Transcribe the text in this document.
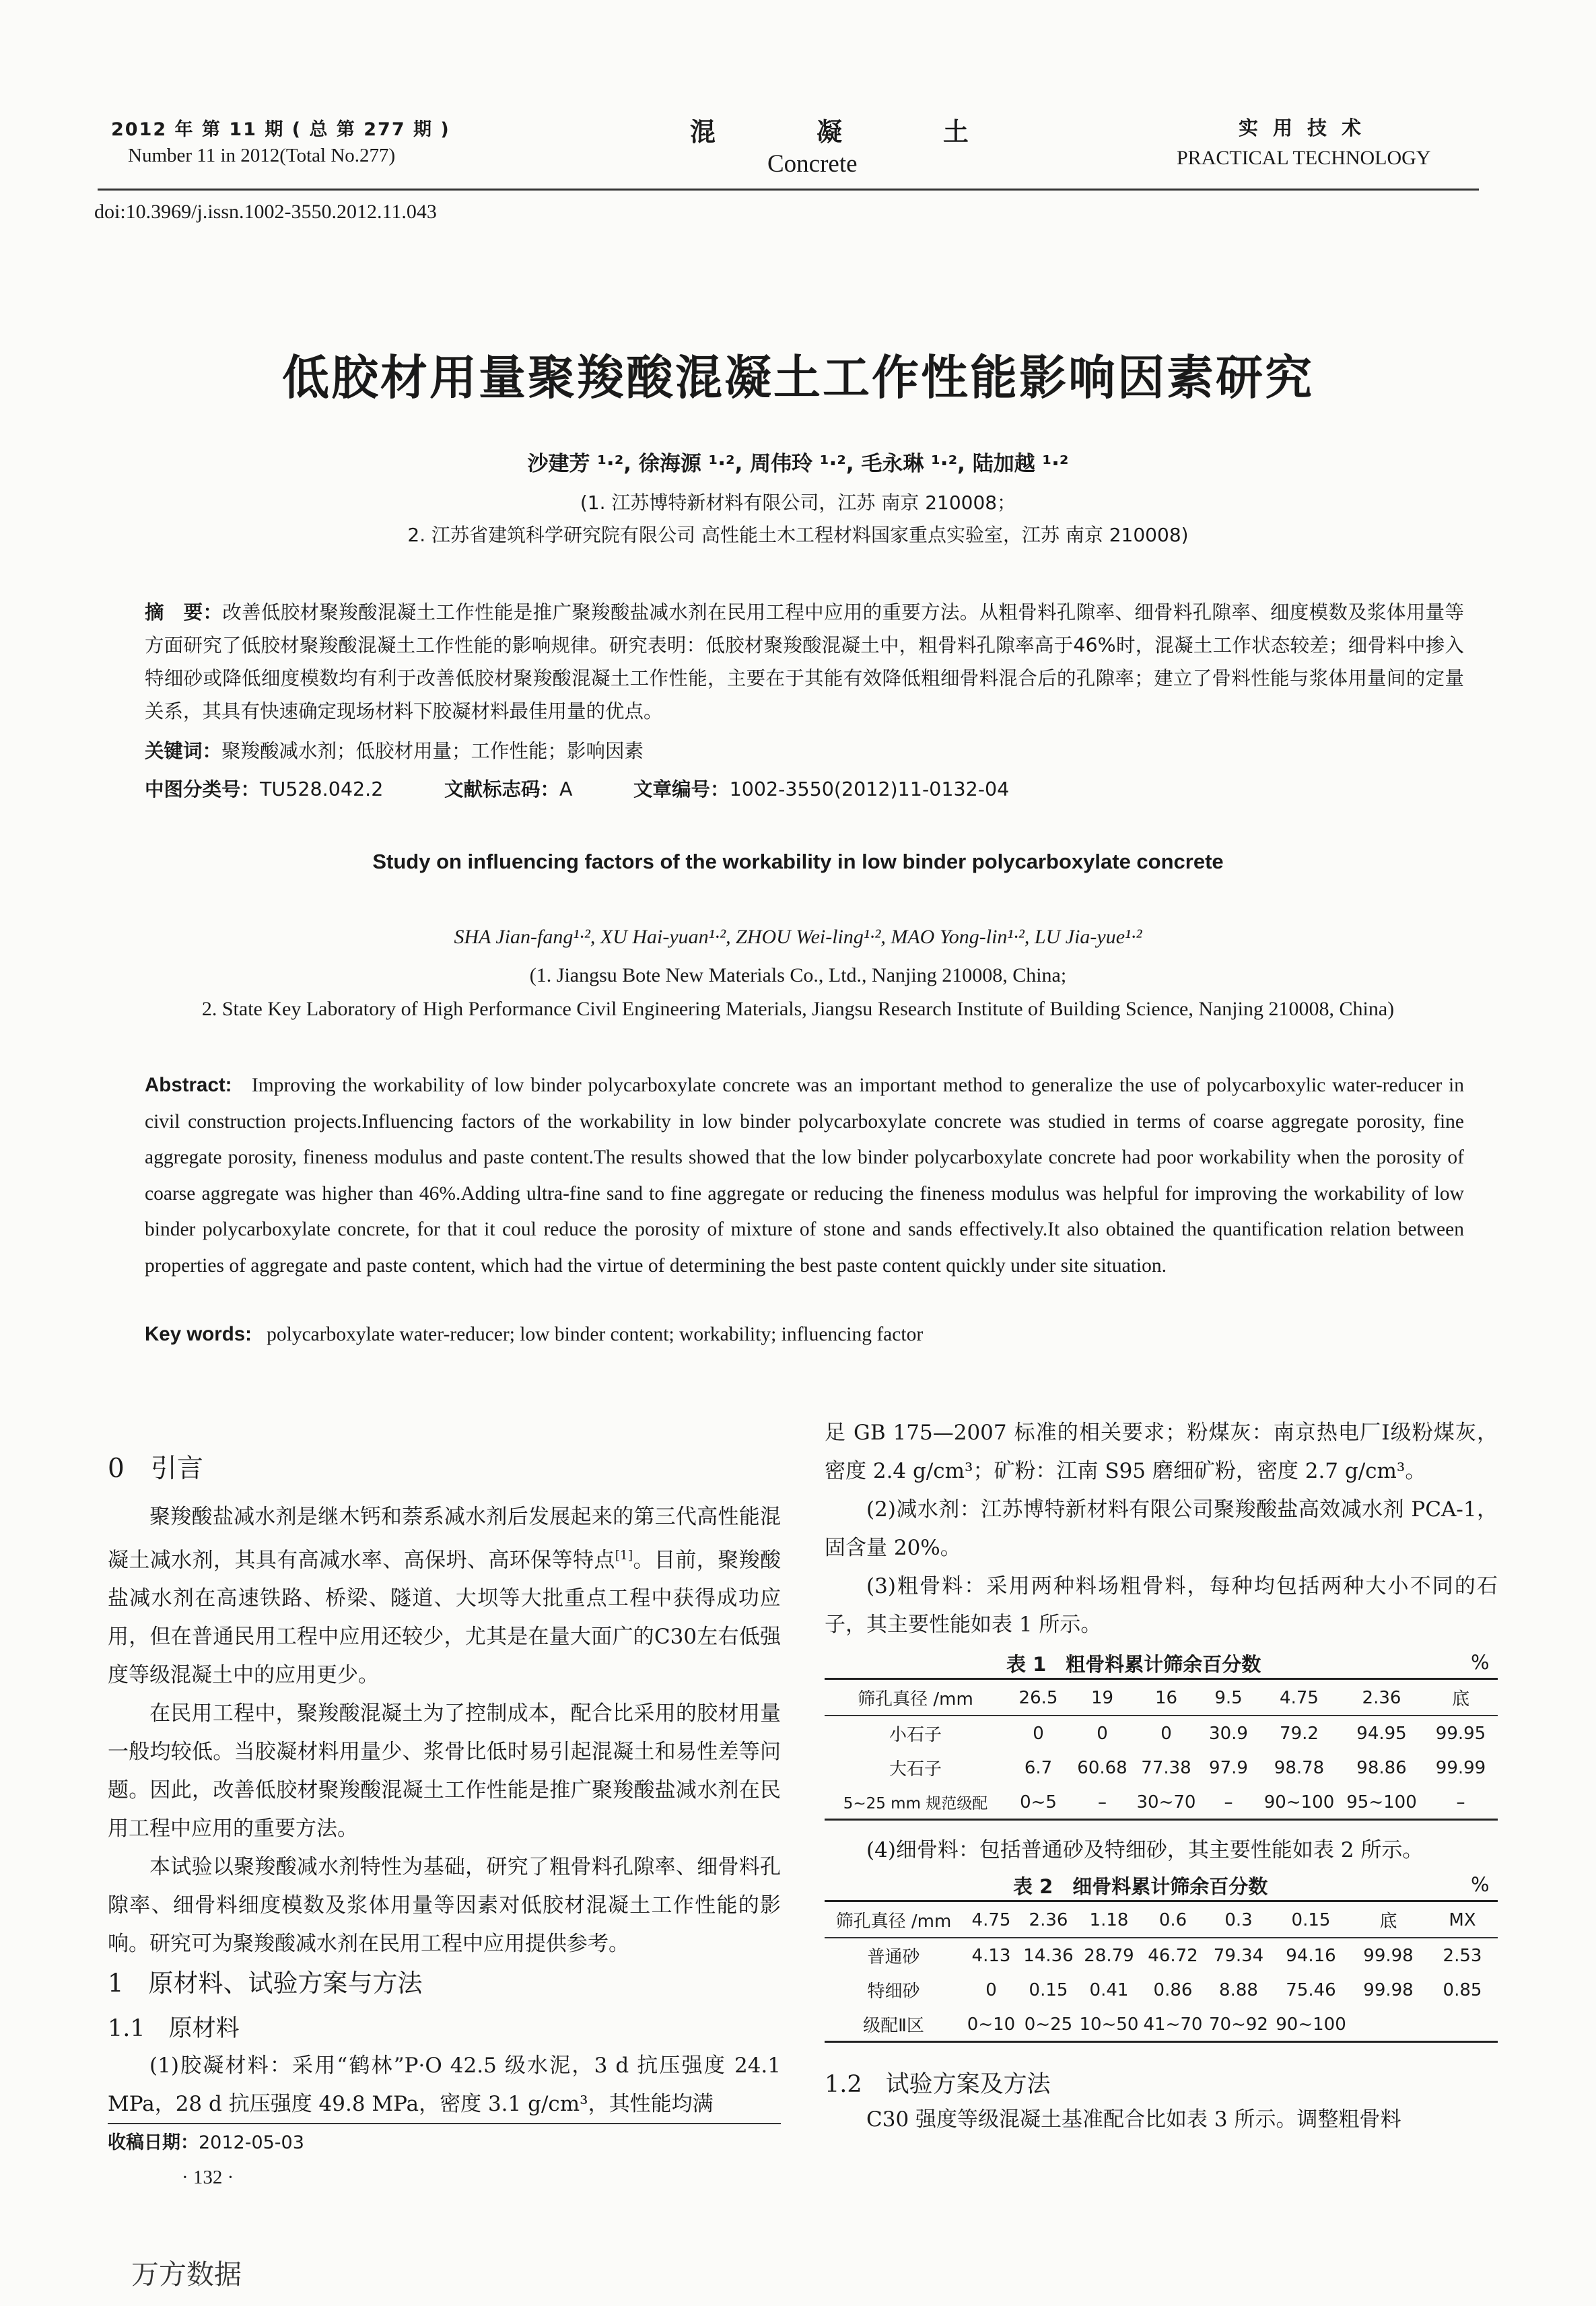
2012 年 第 11 期 ( 总 第 277 期 )
Number 11 in 2012(Total No.277)
混凝土
Concrete
实用技术
PRACTICAL TECHNOLOGY
doi:10.3969/j.issn.1002-3550.2012.11.043
低胶材用量聚羧酸混凝土工作性能影响因素研究
沙建芳 ¹·², 徐海源 ¹·², 周伟玲 ¹·², 毛永琳 ¹·², 陆加越 ¹·²
(1. 江苏博特新材料有限公司，江苏 南京 210008；
2. 江苏省建筑科学研究院有限公司 高性能土木工程材料国家重点实验室，江苏 南京 210008)
摘　要：改善低胶材聚羧酸混凝土工作性能是推广聚羧酸盐减水剂在民用工程中应用的重要方法。从粗骨料孔隙率、细骨料孔隙率、细度模数及浆体用量等方面研究了低胶材聚羧酸混凝土工作性能的影响规律。研究表明：低胶材聚羧酸混凝土中，粗骨料孔隙率高于46%时，混凝土工作状态较差；细骨料中掺入特细砂或降低细度模数均有利于改善低胶材聚羧酸混凝土工作性能，主要在于其能有效降低粗细骨料混合后的孔隙率；建立了骨料性能与浆体用量间的定量关系，其具有快速确定现场材料下胶凝材料最佳用量的优点。
关键词：聚羧酸减水剂；低胶材用量；工作性能；影响因素
中图分类号：TU528.042.2	文献标志码：A	文章编号：1002-3550(2012)11-0132-04
Study on influencing factors of the workability in low binder polycarboxylate concrete
SHA Jian-fang¹·², XU Hai-yuan¹·², ZHOU Wei-ling¹·², MAO Yong-lin¹·², LU Jia-yue¹·²
(1. Jiangsu Bote New Materials Co., Ltd., Nanjing 210008, China;
2. State Key Laboratory of High Performance Civil Engineering Materials, Jiangsu Research Institute of Building Science, Nanjing 210008, China)
Abstract: Improving the workability of low binder polycarboxylate concrete was an important method to generalize the use of polycarboxylic water-reducer in civil construction projects.Influencing factors of the workability in low binder polycarboxylate concrete was studied in terms of coarse aggregate porosity, fine aggregate porosity, fineness modulus and paste content.The results showed that the low binder polycarboxylate concrete had poor workability when the porosity of coarse aggregate was higher than 46%.Adding ultra-fine sand to fine aggregate or reducing the fineness modulus was helpful for improving the workability of low binder polycarboxylate concrete, for that it coul reduce the porosity of mixture of stone and sands effectively.It also obtained the quantification relation between properties of aggregate and paste content, which had the virtue of determining the best paste content quickly under site situation.
Key words: polycarboxylate water-reducer; low binder content; workability; influencing factor
0　引言

聚羧酸盐减水剂是继木钙和萘系减水剂后发展起来的第三代高性能混凝土减水剂，其具有高减水率、高保坍、高环保等特点[1]。目前，聚羧酸盐减水剂在高速铁路、桥梁、隧道、大坝等大批重点工程中获得成功应用，但在普通民用工程中应用还较少，尤其是在量大面广的C30左右低强度等级混凝土中的应用更少。

在民用工程中，聚羧酸混凝土为了控制成本，配合比采用的胶材用量一般均较低。当胶凝材料用量少、浆骨比低时易引起混凝土和易性差等问题。因此，改善低胶材聚羧酸混凝土工作性能是推广聚羧酸盐减水剂在民用工程中应用的重要方法。

本试验以聚羧酸减水剂特性为基础，研究了粗骨料孔隙率、细骨料孔隙率、细骨料细度模数及浆体用量等因素对低胶材混凝土工作性能的影响。研究可为聚羧酸减水剂在民用工程中应用提供参考。

1　原材料、试验方案与方法
1.1　原材料

(1)胶凝材料：采用“鹤林”P·O 42.5 级水泥，3 d 抗压强度 24.1 MPa，28 d 抗压强度 49.8 MPa，密度 3.1 g/cm³，其性能均满

收稿日期：2012-05-03
· 132 ·
万方数据

足 GB 175—2007 标准的相关要求；粉煤灰：南京热电厂Ⅰ级粉煤灰，密度 2.4 g/cm³；矿粉：江南 S95 磨细矿粉，密度 2.7 g/cm³。

(2)减水剂：江苏博特新材料有限公司聚羧酸盐高效减水剂 PCA-1，固含量 20%。

(3)粗骨料：采用两种料场粗骨料，每种均包括两种大小不同的石子，其主要性能如表 1 所示。

表 1　粗骨料累计筛余百分数	%
筛孔真径 /mm	26.5	19	16	9.5	4.75	2.36	底
小石子	0	0	0	30.9	79.2	94.95	99.95
大石子	6.7	60.68	77.38	97.9	98.78	98.86	99.99
5~25 mm 规范级配	0~5	–	30~70	–	90~100	95~100	–

(4)细骨料：包括普通砂及特细砂，其主要性能如表 2 所示。

表 2　细骨料累计筛余百分数	%
筛孔真径 /mm	4.75	2.36	1.18	0.6	0.3	0.15	底	MX
普通砂	4.13	14.36	28.79	46.72	79.34	94.16	99.98	2.53
特细砂	0	0.15	0.41	0.86	8.88	75.46	99.98	0.85
级配Ⅱ区	0~10	0~25	10~50	41~70	70~92	90~100		
1.2　试验方案及方法

C30 强度等级混凝土基准配合比如表 3 所示。调整粗骨料
